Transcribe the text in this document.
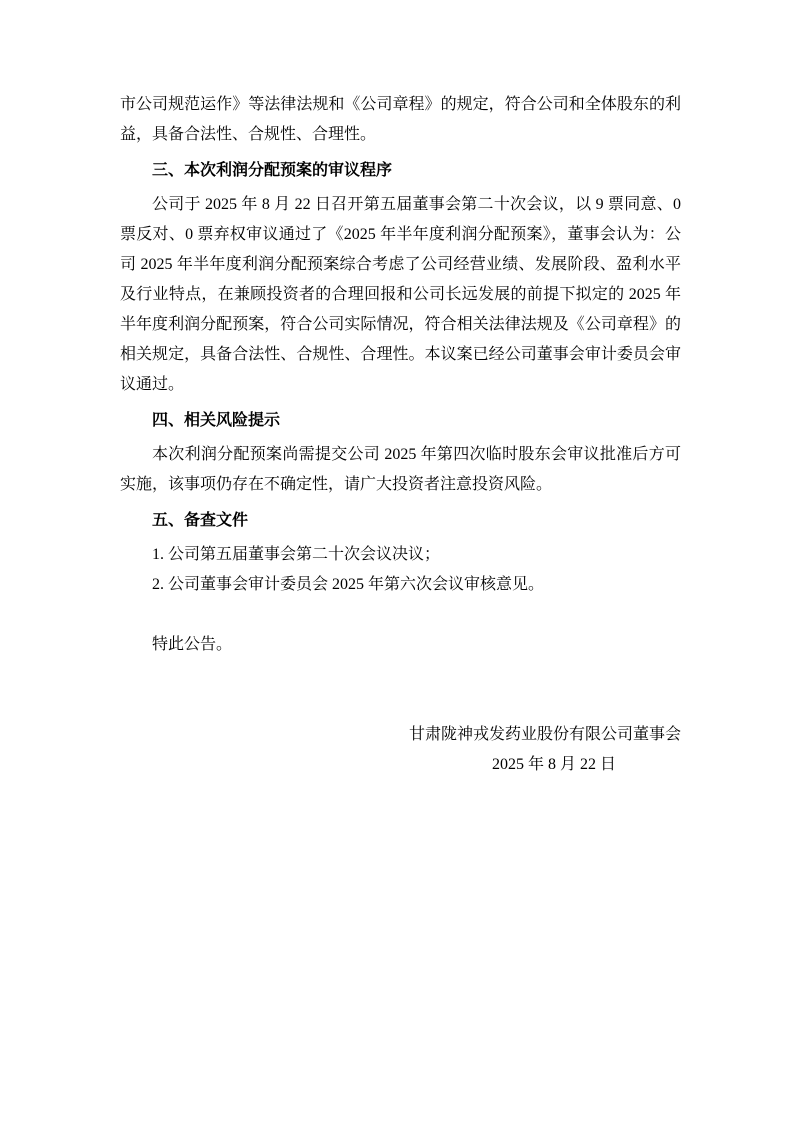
市公司规范运作》等法律法规和《公司章程》的规定，符合公司和全体股东的利益，具备合法性、合规性、合理性。

三、本次利润分配预案的审议程序

公司于 2025 年 8 月 22 日召开第五届董事会第二十次会议，以 9 票同意、0 票反对、0 票弃权审议通过了《2025 年半年度利润分配预案》，董事会认为：公司 2025 年半年度利润分配预案综合考虑了公司经营业绩、发展阶段、盈利水平及行业特点，在兼顾投资者的合理回报和公司长远发展的前提下拟定的 2025 年半年度利润分配预案，符合公司实际情况，符合相关法律法规及《公司章程》的相关规定，具备合法性、合规性、合理性。本议案已经公司董事会审计委员会审议通过。

四、相关风险提示

本次利润分配预案尚需提交公司 2025 年第四次临时股东会审议批准后方可实施，该事项仍存在不确定性，请广大投资者注意投资风险。

五、备查文件

1. 公司第五届董事会第二十次会议决议；

2. 公司董事会审计委员会 2025 年第六次会议审核意见。

特此公告。

甘肃陇神戎发药业股份有限公司董事会

2025 年 8 月 22 日
